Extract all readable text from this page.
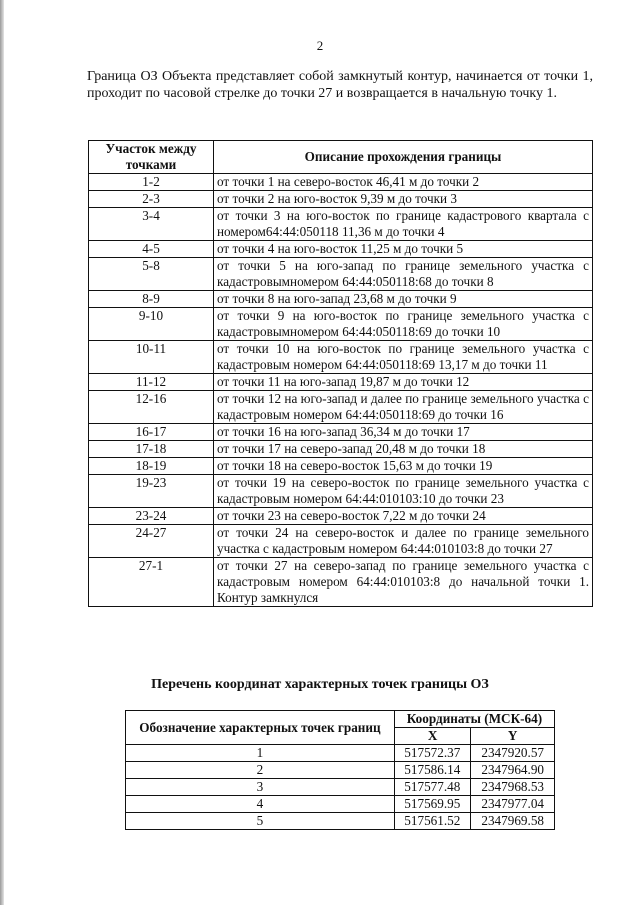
2

Граница ОЗ Объекта представляет собой замкнутый контур, начинается от точки 1, проходит по часовой стрелке до точки 27 и возвращается в начальную точку 1.

Участок между точками	Описание прохождения границы
1-2	от точки 1 на северо-восток 46,41 м до точки 2
2-3	от точки 2 на юго-восток 9,39 м до точки 3
3-4	от точки 3 на юго-восток по границе кадастрового квартала с номером64:44:050118 11,36 м до точки 4
4-5	от точки 4 на юго-восток 11,25 м до точки 5
5-8	от точки 5 на юго-запад по границе земельного участка с кадастровымномером 64:44:050118:68 до точки 8
8-9	от точки 8 на юго-запад 23,68 м до точки 9
9-10	от точки 9 на юго-восток по границе земельного участка с кадастровымномером 64:44:050118:69 до точки 10
10-11	от точки 10 на юго-восток по границе земельного участка с кадастровым номером 64:44:050118:69 13,17 м до точки 11
11-12	от точки 11 на юго-запад 19,87 м до точки 12
12-16	от точки 12 на юго-запад и далее по границе земельного участка с кадастровым номером 64:44:050118:69 до точки 16
16-17	от точки 16 на юго-запад 36,34 м до точки 17
17-18	от точки 17 на северо-запад 20,48 м до точки 18
18-19	от точки 18 на северо-восток 15,63 м до точки 19
19-23	от точки 19 на северо-восток по границе земельного участка с кадастровым номером 64:44:010103:10 до точки 23
23-24	от точки 23 на северо-восток 7,22 м до точки 24
24-27	от точки 24 на северо-восток и далее по границе земельного участка с кадастровым номером 64:44:010103:8 до точки 27
27-1	от точки 27 на северо-запад по границе земельного участка с кадастровым номером 64:44:010103:8 до начальной точки 1. Контур замкнулся
Перечень координат характерных точек границы ОЗ
Обозначение характерных точек границ	Координаты (МСК-64)	
	X	Y
1	517572.37	2347920.57
2	517586.14	2347964.90
3	517577.48	2347968.53
4	517569.95	2347977.04
5	517561.52	2347969.58
